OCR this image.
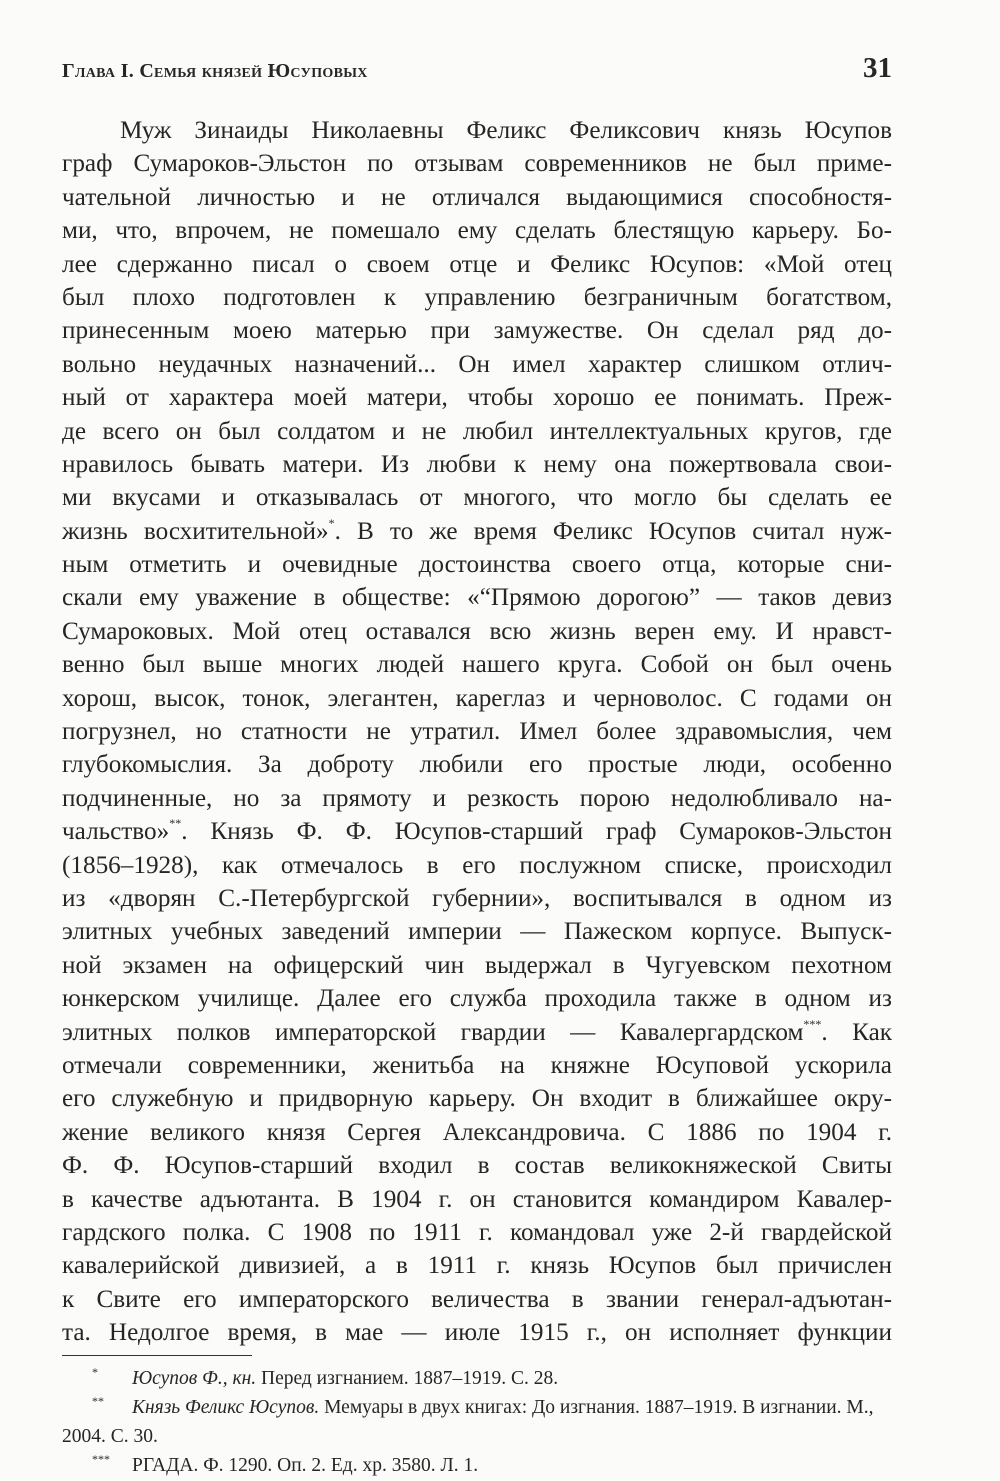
Глава I. Семья князей Юсуповых	31
Муж Зинаиды Николаевны Феликс Феликсович князь Юсупов
граф Сумароков-Эльстон по отзывам современников не был приме-
чательной личностью и не отличался выдающимися способностя-
ми, что, впрочем, не помешало ему сделать блестящую карьеру. Бо-
лее сдержанно писал о своем отце и Феликс Юсупов: «Мой отец
был плохо подготовлен к управлению безграничным богатством,
принесенным моею матерью при замужестве. Он сделал ряд до-
вольно неудачных назначений... Он имел характер слишком отлич-
ный от характера моей матери, чтобы хорошо ее понимать. Преж-
де всего он был солдатом и не любил интеллектуальных кругов, где
нравилось бывать матери. Из любви к нему она пожертвовала свои-
ми вкусами и отказывалась от многого, что могло бы сделать ее
жизнь восхитительной»*. В то же время Феликс Юсупов считал нуж-
ным отметить и очевидные достоинства своего отца, которые сни-
скали ему уважение в обществе: «“Прямою дорогою” — таков девиз
Сумароковых. Мой отец оставался всю жизнь верен ему. И нравст-
венно был выше многих людей нашего круга. Собой он был очень
хорош, высок, тонок, элегантен, кареглаз и черноволос. С годами он
погрузнел, но статности не утратил. Имел более здравомыслия, чем
глубокомыслия. За доброту любили его простые люди, особенно
подчиненные, но за прямоту и резкость порою недолюбливало на-
чальство»**. Князь Ф. Ф. Юсупов-старший граф Сумароков-Эльстон
(1856–1928), как отмечалось в его послужном списке, происходил
из «дворян С.-Петербургской губернии», воспитывался в одном из
элитных учебных заведений империи — Пажеском корпусе. Выпуск-
ной экзамен на офицерский чин выдержал в Чугуевском пехотном
юнкерском училище. Далее его служба проходила также в одном из
элитных полков императорской гвардии — Кавалергардском***. Как
отмечали современники, женитьба на княжне Юсуповой ускорила
его служебную и придворную карьеру. Он входит в ближайшее окру-
жение великого князя Сергея Александровича. С 1886 по 1904 г.
Ф. Ф. Юсупов-старший входил в состав великокняжеской Свиты
в качестве адъютанта. В 1904 г. он становится командиром Кавалер-
гардского полка. С 1908 по 1911 г. командовал уже 2-й гвардейской
кавалерийской дивизией, а в 1911 г. князь Юсупов был причислен
к Свите его императорского величества в звании генерал-адъютан-
та. Недолгое время, в мае — июле 1915 г., он исполняет функции
* Юсупов Ф., кн. Перед изгнанием. 1887–1919. С. 28.
** Князь Феликс Юсупов. Мемуары в двух книгах: До изгнания. 1887–1919. В изгнании. М., 2004. С. 30.
*** РГАДА. Ф. 1290. Оп. 2. Ед. хр. 3580. Л. 1.
